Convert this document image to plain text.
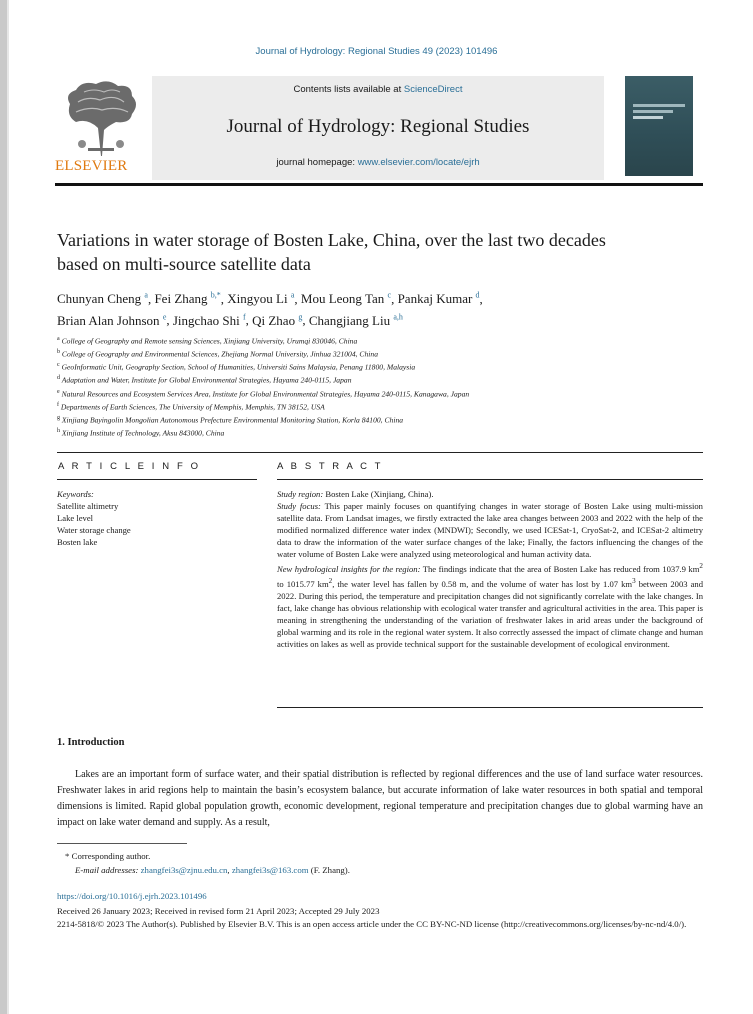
Journal of Hydrology: Regional Studies 49 (2023) 101496
ELSEVIER
Contents lists available at ScienceDirect
Journal of Hydrology: Regional Studies
journal homepage: www.elsevier.com/locate/ejrh
Variations in water storage of Bosten Lake, China, over the last two decades based on multi-source satellite data
Chunyan Cheng $^a$, Fei Zhang $^{b,*}$, Xingyou Li $^a$, Mou Leong Tan $^c$, Pankaj Kumar $^d$,
Brian Alan Johnson $^e$, Jingchao Shi $^f$, Qi Zhao $^g$, Changjiang Liu $^{a,h}$
$^a$ College of Geography and Remote sensing Sciences, Xinjiang University, Urumqi 830046, China
$^b$ College of Geography and Environmental Sciences, Zhejiang Normal University, Jinhua 321004, China
$^c$ GeoInformatic Unit, Geography Section, School of Humanities, Universiti Sains Malaysia, Penang 11800, Malaysia
$^d$ Adaptation and Water, Institute for Global Environmental Strategies, Hayama 240-0115, Japan
$^e$ Natural Resources and Ecosystem Services Area, Institute for Global Environmental Strategies, Hayama 240-0115, Kanagawa, Japan
$^f$ Departments of Earth Sciences, The University of Memphis, Memphis, TN 38152, USA
$^g$ Xinjiang Bayingolin Mongolian Autonomous Prefecture Environmental Monitoring Station, Korla 84100, China
$^h$ Xinjiang Institute of Technology, Aksu 843000, China
A R T I C L E I N F O	A B S T R A C T
Keywords:
Satellite altimetry
Lake level
Water storage change
Bosten lake
Study region: Bosten Lake (Xinjiang, China).
Study focus: This paper mainly focuses on quantifying changes in water storage of Bosten Lake using multi-mission satellite data. From Landsat images, we firstly extracted the lake area changes between 2003 and 2022 with the help of the modified normalized difference water index (MNDWI); Secondly, we used ICESat-1, CryoSat-2, and ICESat-2 altimetry data to draw the information of the water surface changes of the lake; Finally, the factors influencing the changes of the water volume of Bosten Lake were analyzed using meteorological and human activity data.
New hydrological insights for the region: The findings indicate that the area of Bosten Lake has reduced from 1037.9 $km^2$ to 1015.77 $km^2$, the water level has fallen by 0.58 m, and the volume of water has lost by 1.07 $km^3$ between 2003 and 2022. During this period, the temperature and precipitation changes did not significantly correlate with the lake changes. In fact, lake change has obvious relationship with ecological water transfer and agricultural activities in the area. This paper is meaning in strengthening the understanding of the variation of freshwater lakes in arid areas under the background of global warming and its role in the regional water system. It also correctly assessed the impact of climate change and human activities on lakes as well as provide technical support for the sustainable development of ecological environment.
1. Introduction
Lakes are an important form of surface water, and their spatial distribution is reflected by regional differences and the use of land surface water resources. Freshwater lakes in arid regions help to maintain the basin’s ecosystem balance, but accurate information of lake water resources in both spatial and temporal dimensions is limited. Rapid global population growth, economic development, regional temperature and precipitation changes due to global warming have an impact on lake water demand and supply. As a result,
* Corresponding author.
E-mail addresses: zhangfei3s@zjnu.edu.cn, zhangfei3s@163.com (F. Zhang).
https://doi.org/10.1016/j.ejrh.2023.101496
Received 26 January 2023; Received in revised form 21 April 2023; Accepted 29 July 2023
2214-5818/© 2023 The Author(s). Published by Elsevier B.V. This is an open access article under the CC BY-NC-ND license (http://creativecommons.org/licenses/by-nc-nd/4.0/).
